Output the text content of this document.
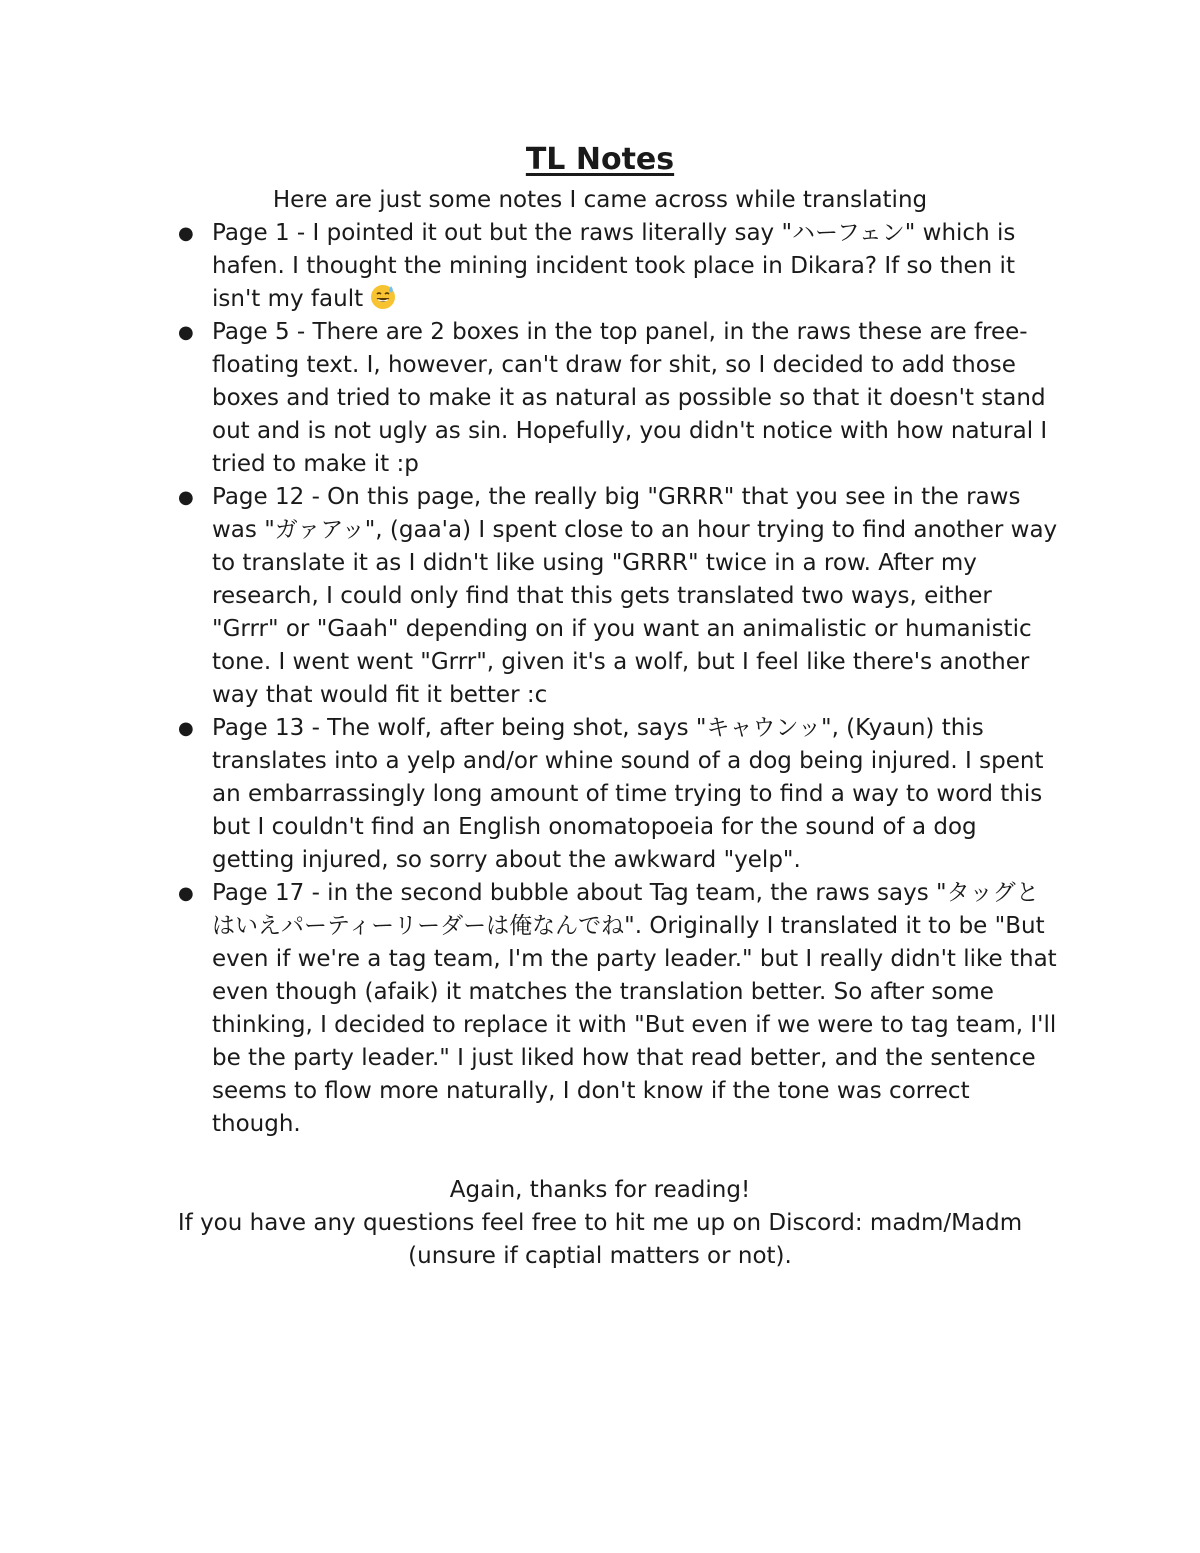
TL Notes

Here are just some notes I came across while translating

● Page 1 - I pointed it out but the raws literally say "ハーフェン" which is hafen. I thought the mining incident took place in Dikara? If so then it isn't my fault
● Page 5 - There are 2 boxes in the top panel, in the raws these are free-floating text. I, however, can't draw for shit, so I decided to add those boxes and tried to make it as natural as possible so that it doesn't stand out and is not ugly as sin. Hopefully, you didn't notice with how natural I tried to make it :p
● Page 12 - On this page, the really big "GRRR" that you see in the raws was "ガァアッ", (gaa'a) I spent close to an hour trying to find another way to translate it as I didn't like using "GRRR" twice in a row. After my research, I could only find that this gets translated two ways, either "Grrr" or "Gaah" depending on if you want an animalistic or humanistic tone. I went went "Grrr", given it's a wolf, but I feel like there's another way that would fit it better :c
● Page 13 - The wolf, after being shot, says "キャウンッ", (Kyaun) this translates into a yelp and/or whine sound of a dog being injured. I spent an embarrassingly long amount of time trying to find a way to word this but I couldn't find an English onomatopoeia for the sound of a dog getting injured, so sorry about the awkward "yelp".
● Page 17 - in the second bubble about Tag team, the raws says "タッグとはいえパーティーリーダーは俺なんでね". Originally I translated it to be "But even if we're a tag team, I'm the party leader." but I really didn't like that even though (afaik) it matches the translation better. So after some thinking, I decided to replace it with "But even if we were to tag team, I'll be the party leader." I just liked how that read better, and the sentence seems to flow more naturally, I don't know if the tone was correct though.
Again, thanks for reading!
If you have any questions feel free to hit me up on Discord: madm/Madm
(unsure if captial matters or not).
